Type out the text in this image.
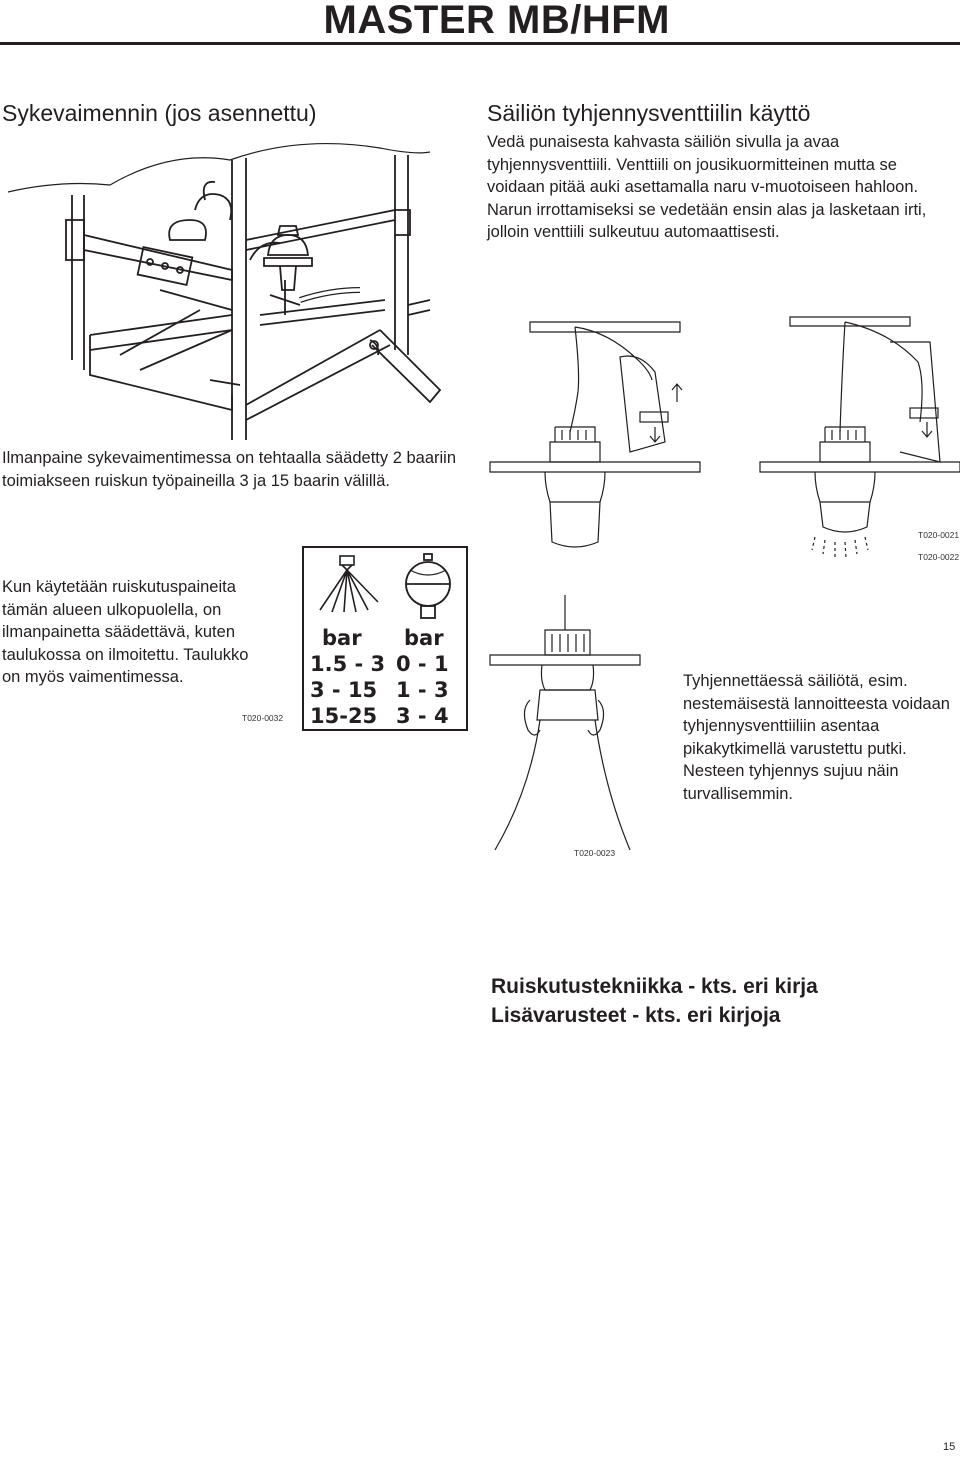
MASTER MB/HFM
Sykevaimennin (jos asennettu)
Ilmanpaine sykevaimentimessa on tehtaalla säädetty 2 baariin toimiakseen ruiskun työpaineilla 3 ja 15 baarin välillä.
Kun käytetään ruiskutuspaineita tämän alueen ulkopuolella, on ilmanpainetta säädettävä, kuten taulukossa on ilmoitettu. Taulukko on myös vaimentimessa.
T020-0032
bar bar
1.5 - 3 0 - 1
3 - 15 1 - 3
15-25 3 - 4
Säiliön tyhjennysventtiilin käyttö
Vedä punaisesta kahvasta säiliön sivulla ja avaa tyhjennysventtiili. Venttiili on jousikuormitteinen mutta se voidaan pitää auki asettamalla naru v-muotoiseen hahloon. Narun irrottamiseksi se vedetään ensin alas ja lasketaan irti, jolloin venttiili sulkeutuu automaattisesti.
T020-0021
T020-0022
Tyhjennettäessä säiliötä, esim. nestemäisestä lannoitteesta voidaan tyhjennysventtiiliin asentaa pikakytkimellä varustettu putki. Nesteen tyhjennys sujuu näin turvallisemmin.
T020-0023
Ruiskutustekniikka - kts. eri kirja
Lisävarusteet - kts. eri kirjoja
15
